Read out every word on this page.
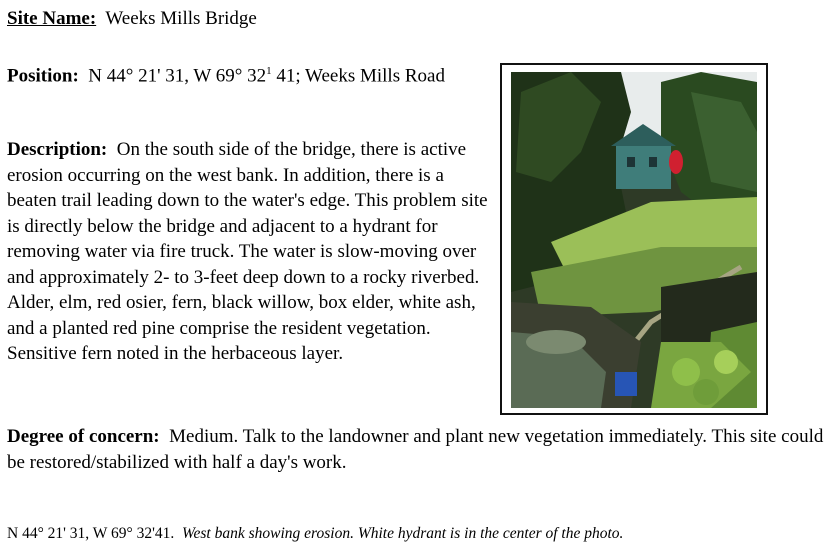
Site Name: Weeks Mills Bridge

Position: N 44° 21' 31, W 69° $32^1$ 41; Weeks Mills Road

Description: On the south side of the bridge, there is active erosion occurring on the west bank. In addition, there is a beaten trail leading down to the water's edge. This problem site is directly below the bridge and adjacent to a hydrant for removing water via fire truck. The water is slow-moving over and approximately 2- to 3-feet deep down to a rocky riverbed. Alder, elm, red osier, fern, black willow, box elder, white ash, and a planted red pine comprise the resident vegetation. Sensitive fern noted in the herbaceous layer.

Degree of concern: Medium. Talk to the landowner and plant new vegetation immediately. This site could be restored/stabilized with half a day's work.

N 44° 21' 31, W 69° 32'41. West bank showing erosion. White hydrant is in the center of the photo.
